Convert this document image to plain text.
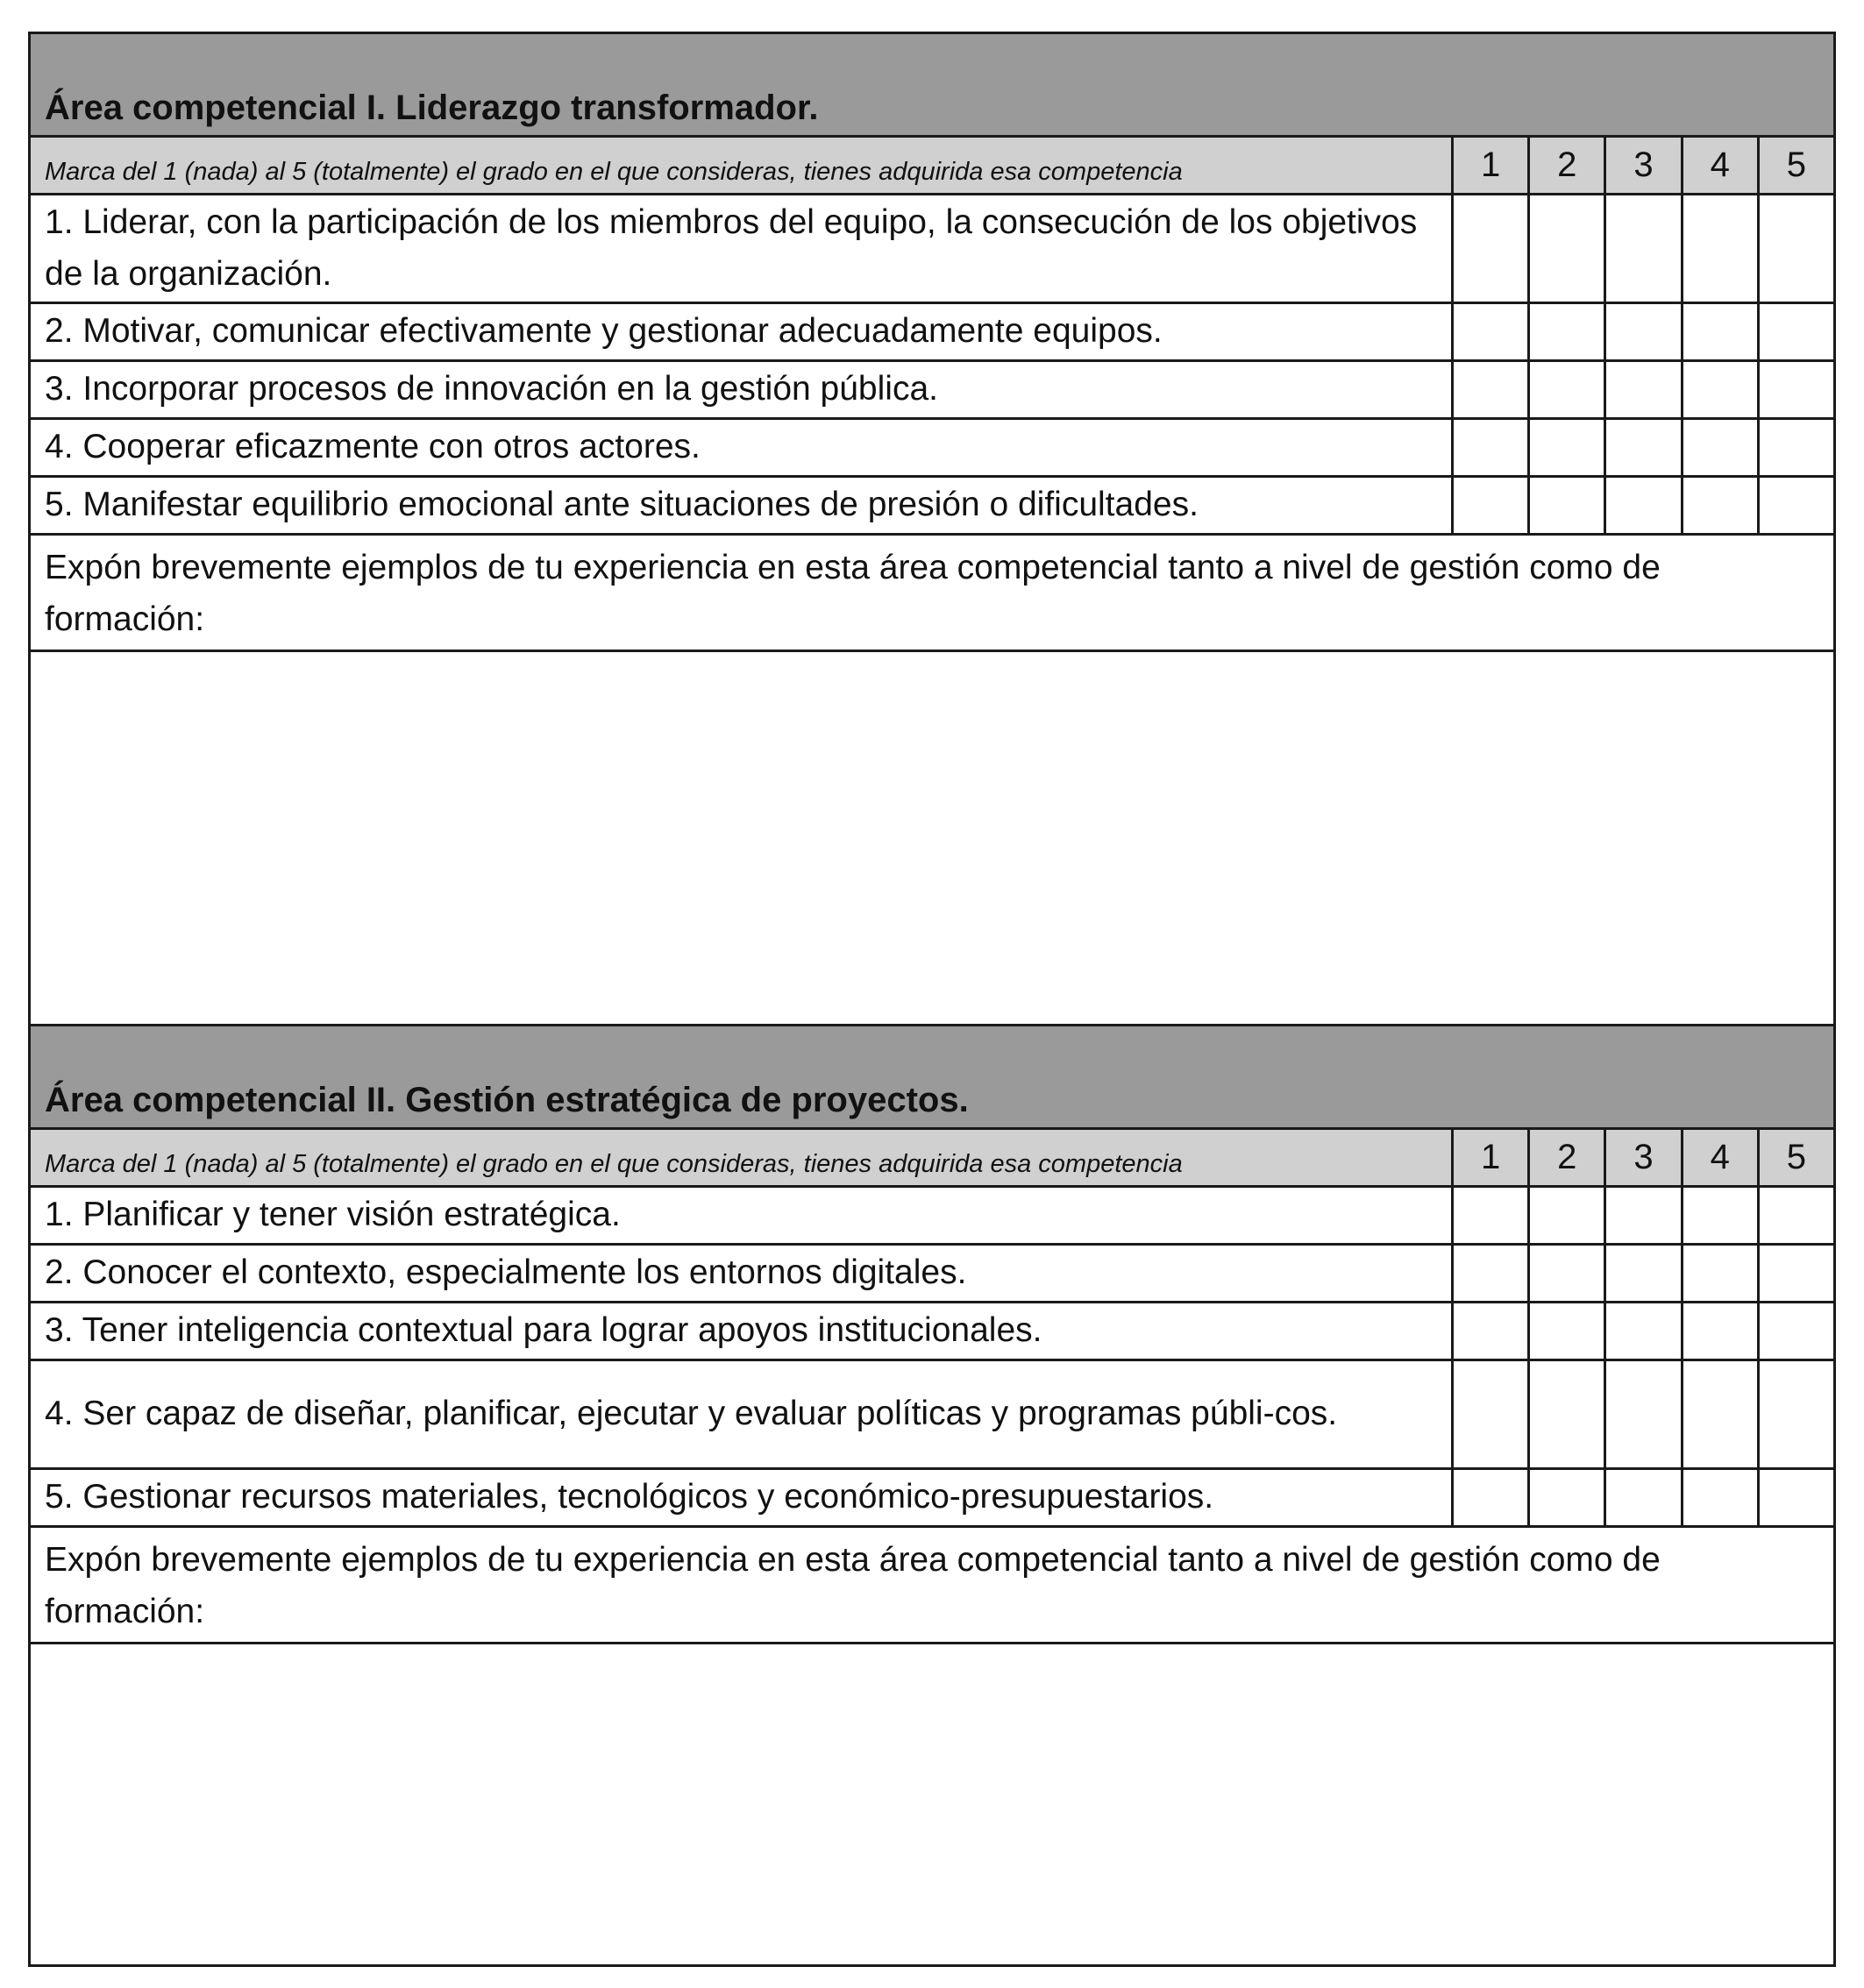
Área competencial I. Liderazgo transformador.
Marca del 1 (nada) al 5 (totalmente) el grado en el que consideras, tienes adquirida esa competencia	1	2	3	4	5
1. Liderar, con la participación de los miembros del equipo, la consecución de los objetivos de la organización.
2. Motivar, comunicar efectivamente y gestionar adecuadamente equipos.
3. Incorporar procesos de innovación en la gestión pública.
4. Cooperar eficazmente con otros actores.
5. Manifestar equilibrio emocional ante situaciones de presión o dificultades.
Expón brevemente ejemplos de tu experiencia en esta área competencial tanto a nivel de gestión como de formación:
Área competencial II. Gestión estratégica de proyectos.
Marca del 1 (nada) al 5 (totalmente) el grado en el que consideras, tienes adquirida esa competencia	1	2	3	4	5
1. Planificar y tener visión estratégica.
2. Conocer el contexto, especialmente los entornos digitales.
3. Tener inteligencia contextual para lograr apoyos institucionales.
4. Ser capaz de diseñar, planificar, ejecutar y evaluar políticas y programas públi-cos.
5. Gestionar recursos materiales, tecnológicos y económico-presupuestarios.
Expón brevemente ejemplos de tu experiencia en esta área competencial tanto a nivel de gestión como de formación:
